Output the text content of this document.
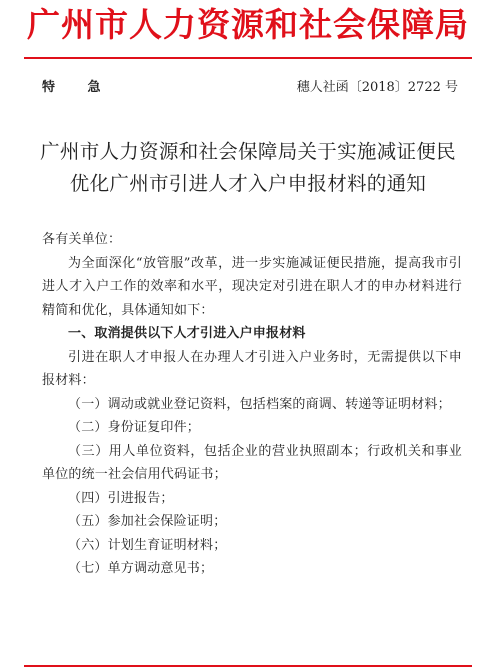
广州市人力资源和社会保障局
特 急	穗人社函〔2018〕2722 号
广州市人力资源和社会保障局关于实施减证便民
优化广州市引进人才入户申报材料的通知

各有关单位：

为全面深化“放管服”改革，进一步实施减证便民措施，提高我市引进人才入户工作的效率和水平，现决定对引进在职人才的申办材料进行精简和优化，具体通知如下：

一、取消提供以下人才引进入户申报材料

引进在职人才申报人在办理人才引进入户业务时，无需提供以下申报材料：

（一）调动或就业登记资料，包括档案的商调、转递等证明材料；

（二）身份证复印件；

（三）用人单位资料，包括企业的营业执照副本；行政机关和事业单位的统一社会信用代码证书；

（四）引进报告；

（五）参加社会保险证明；

（六）计划生育证明材料；

（七）单方调动意见书；
